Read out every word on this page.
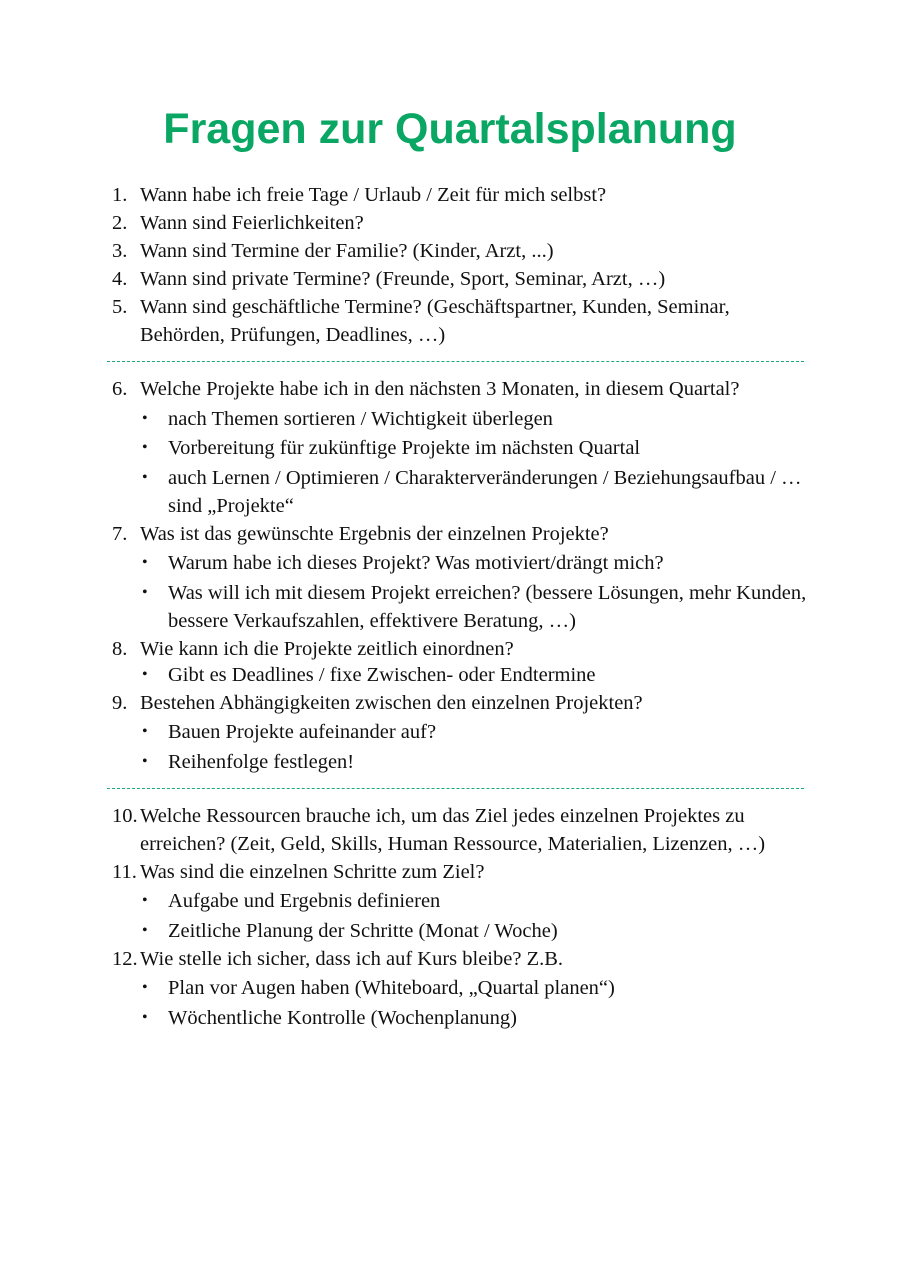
Fragen zur Quartalsplanung
1. Wann habe ich freie Tage / Urlaub / Zeit für mich selbst?
2. Wann sind Feierlichkeiten?
3. Wann sind Termine der Familie? (Kinder, Arzt, ...)
4. Wann sind private Termine? (Freunde, Sport, Seminar, Arzt, …)
5. Wann sind geschäftliche Termine? (Geschäftspartner, Kunden, Seminar, Behörden, Prüfungen, Deadlines, …)
6. Welche Projekte habe ich in den nächsten 3 Monaten, in diesem Quartal?
• nach Themen sortieren / Wichtigkeit überlegen
• Vorbereitung für zukünftige Projekte im nächsten Quartal
• auch Lernen / Optimieren / Charakterveränderungen / Beziehungsaufbau / … sind „Projekte“
7. Was ist das gewünschte Ergebnis der einzelnen Projekte?
• Warum habe ich dieses Projekt? Was motiviert/drängt mich?
• Was will ich mit diesem Projekt erreichen? (bessere Lösungen, mehr Kunden, bessere Verkaufszahlen, effektivere Beratung, …)
8. Wie kann ich die Projekte zeitlich einordnen?
• Gibt es Deadlines / fixe Zwischen- oder Endtermine
9. Bestehen Abhängigkeiten zwischen den einzelnen Projekten?
• Bauen Projekte aufeinander auf?
• Reihenfolge festlegen!
10. Welche Ressourcen brauche ich, um das Ziel jedes einzelnen Projektes zu erreichen? (Zeit, Geld, Skills, Human Ressource, Materialien, Lizenzen, …)
11. Was sind die einzelnen Schritte zum Ziel?
• Aufgabe und Ergebnis definieren
• Zeitliche Planung der Schritte (Monat / Woche)
12. Wie stelle ich sicher, dass ich auf Kurs bleibe? Z.B.
• Plan vor Augen haben (Whiteboard, „Quartal planen“)
• Wöchentliche Kontrolle (Wochenplanung)
